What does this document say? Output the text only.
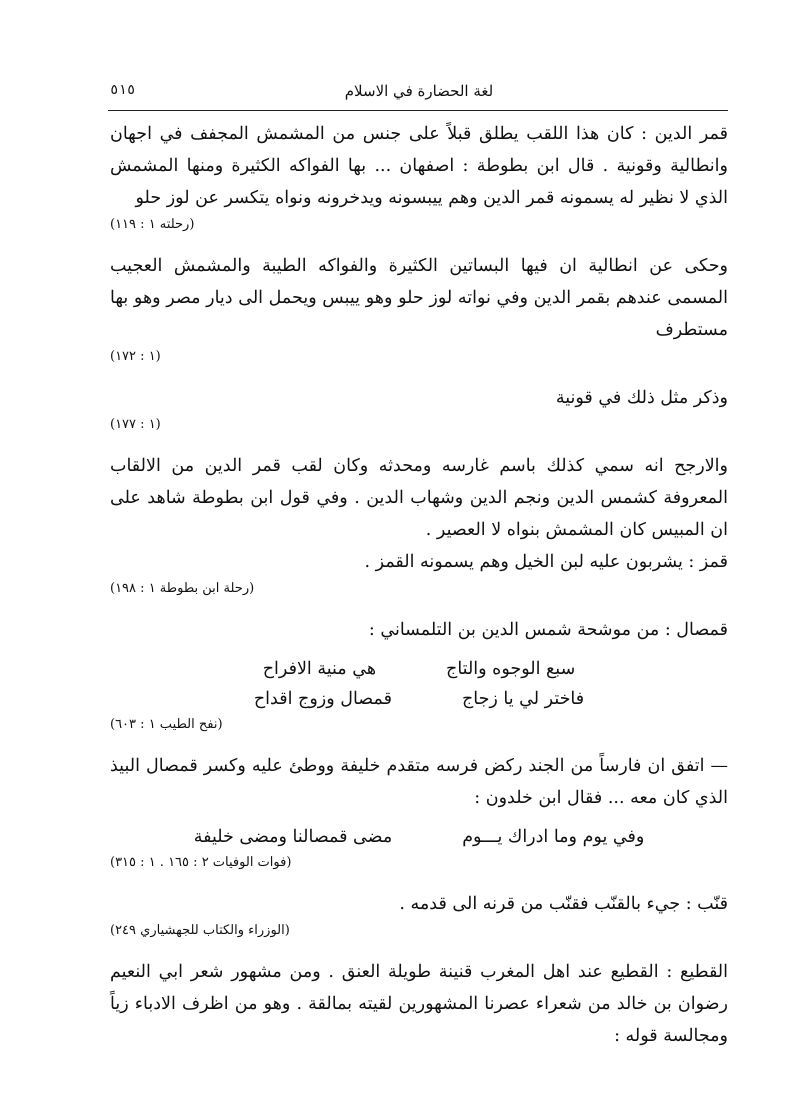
لغة الحضارة في الاسلام
٥١٥

قمر الدين : كان هذا اللقب يطلق قبلاً على جنس من المشمش المجفف في اجهان وانطالية وقونية . قال ابن بطوطة : اصفهان ... بها الفواكه الكثيرة ومنها المشمش الذي لا نظير له يسمونه قمر الدين وهم ييبسونه ويدخرونه ونواه يتكسر عن لوز حلو

(رحلته ١ : ١١٩)

وحكى عن انطالية ان فيها البساتين الكثيرة والفواكه الطيبة والمشمش العجيب المسمى عندهم بقمر الدين وفي نواته لوز حلو وهو ييبس ويحمل الى ديار مصر وهو بها مستطرف

(١ : ١٧٢)

وذكر مثل ذلك في قونية

(١ : ١٧٧)

والارجح انه سمي كذلك باسم غارسه ومحدثه وكان لقب قمر الدين من الالقاب المعروفة كشمس الدين ونجم الدين وشهاب الدين . وفي قول ابن بطوطة شاهد على ان المبيس كان المشمش بنواه لا العصير .

قمز : يشربون عليه لبن الخيل وهم يسمونه القمز .

(رحلة ابن بطوطة ١ : ١٩٨)

قمصال : من موشحة شمس الدين بن التلمساني :

سبع الوجوه والتاج
هي منية الافراح
فاختر لي يا زجاج
قمصال وزوج اقداح

(نفح الطيب ١ : ٦٠٣)

— اتفق ان فارساً من الجند ركض فرسه متقدم خليفة ووطئ عليه وكسر قمصال البيذ الذي كان معه ... فقال ابن خلدون :

وفي يوم وما ادراك يـــوم
مضى قمصالنا ومضى خليفة

(فوات الوفيات ٢ : ١٦٥ . ١ : ٣١٥)

قنّب : جيء بالقنّب فقنّب من قرنه الى قدمه .

(الوزراء والكتاب للجهشياري ٢٤٩)

القطيع : القطيع عند اهل المغرب قنينة طويلة العنق . ومن مشهور شعر ابي النعيم رضوان بن خالد من شعراء عصرنا المشهورين لقيته بمالقة . وهو من اظرف الادباء زياً ومجالسة قوله :
